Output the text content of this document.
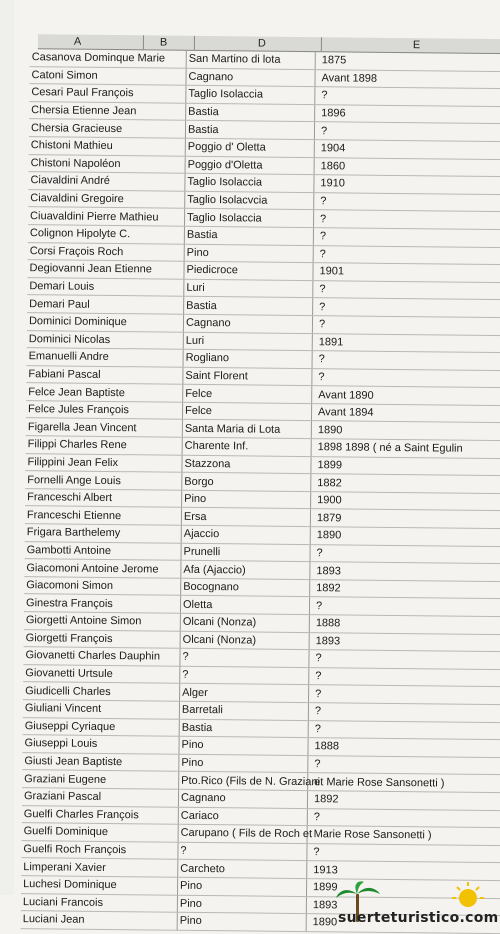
A	B	D	E
Casanova Dominque Marie	San Martino di lota	1875
Catoni Simon	Cagnano	Avant 1898
Cesari Paul François	Taglio Isolaccia	?
Chersia Etienne Jean	Bastia	1896
Chersia Gracieuse	Bastia	?
Chistoni Mathieu	Poggio d' Oletta	1904
Chistoni Napoléon	Poggio d'Oletta	1860
Ciavaldini André	Taglio Isolaccia	1910
Ciavaldini Gregoire	Taglio Isolacvcia	?
Ciuavaldini Pierre Mathieu	Taglio Isolaccia	?
Colignon Hipolyte C.	Bastia	?
Corsi Fraçois Roch	Pino	?
Degiovanni Jean Etienne	Piedicroce	1901
Demari Louis	Luri	?
Demari Paul	Bastia	?
Dominici Dominique	Cagnano	?
Dominici Nicolas	Luri	1891
Emanuelli Andre	Rogliano	?
Fabiani Pascal	Saint Florent	?
Felce Jean Baptiste	Felce	Avant 1890
Felce Jules François	Felce	Avant 1894
Figarella Jean Vincent	Santa Maria di Lota	1890
Filippi Charles Rene	Charente Inf.	1898 1898 ( né a Saint Egulin
Filippini Jean Felix	Stazzona	1899
Fornelli Ange Louis	Borgo	1882
Franceschi Albert	Pino	1900
Franceschi Etienne	Ersa	1879
Frigara Barthelemy	Ajaccio	1890
Gambotti Antoine	Prunelli	?
Giacomoni Antoine Jerome	Afa (Ajaccio)	1893
Giacomoni Simon	Bocognano	1892
Ginestra François	Oletta	?
Giorgetti Antoine Simon	Olcani (Nonza)	1888
Giorgetti François	Olcani (Nonza)	1893
Giovanetti Charles Dauphin	?	?
Giovanetti Urtsule	?	?
Giudicelli Charles	Alger	?
Giuliani Vincent	Barretali	?
Giuseppi Cyriaque	Bastia	?
Giuseppi Louis	Pino	1888
Giusti Jean Baptiste	Pino	?
Graziani Eugene	Pto.Rico (Fils de N. Graziani	et Marie Rose Sansonetti )
Graziani Pascal	Cagnano	1892
Guelfi Charles François	Cariaco	?
Guelfi Dominique	Carupano ( Fils de Roch et	Marie Rose Sansonetti )
Guelfi Roch François	?	?
Limperani Xavier	Carcheto	1913
Luchesi Dominique	Pino	1899
Luciani Francois	Pino	1893
Luciani Jean	Pino	1890 suerteturistico.com
